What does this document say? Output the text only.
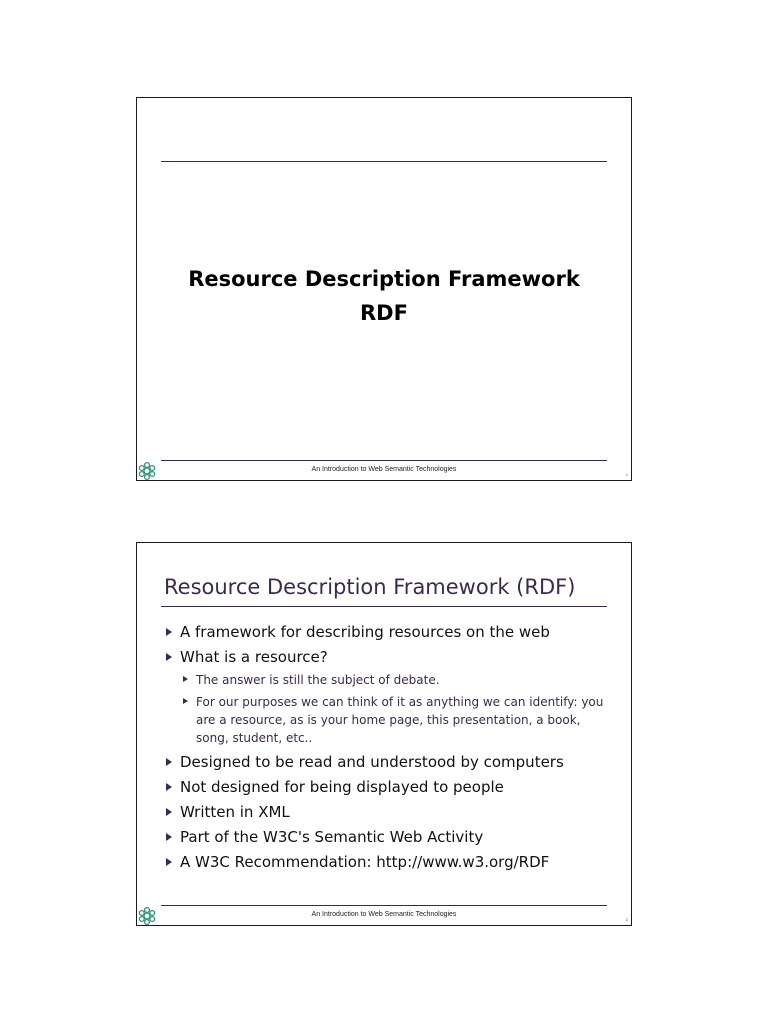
Resource Description Framework
RDF
An Introduction to Web Semantic Technologies
1
Resource Description Framework (RDF)
A framework for describing resources on the web
What is a resource?
The answer is still the subject of debate.
For our purposes we can think of it as anything we can identify: you are a resource, as is your home page, this presentation, a book, song, student, etc..
Designed to be read and understood by computers
Not designed for being displayed to people
Written in XML
Part of the W3C's Semantic Web Activity
A W3C Recommendation: http://www.w3.org/RDF
An Introduction to Web Semantic Technologies
2
